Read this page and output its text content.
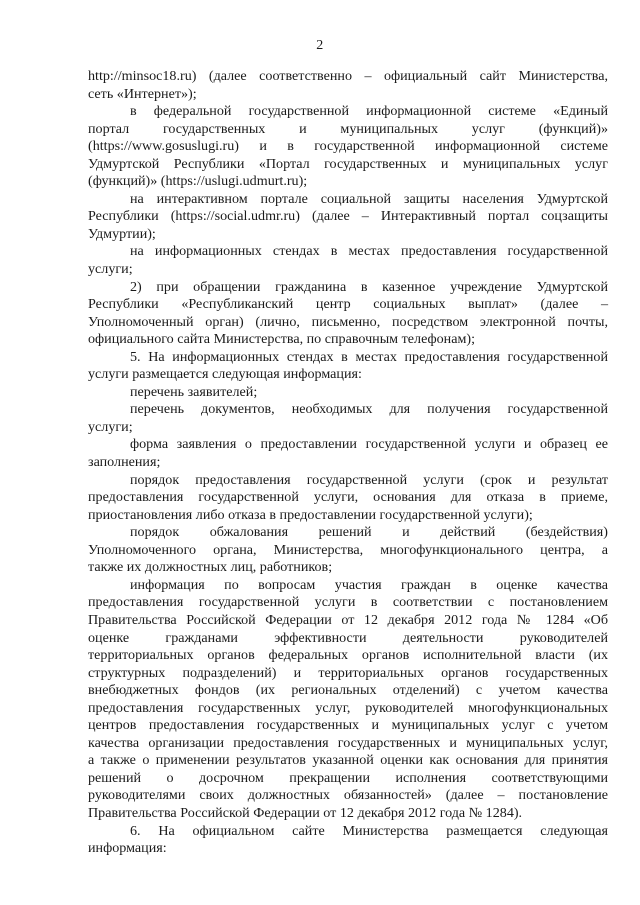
2
http://minsoc18.ru) (далее соответственно – официальный сайт Министерства,
сеть «Интернет»);
в федеральной государственной информационной системе «Единый
портал государственных и муниципальных услуг (функций)»
(https://www.gosuslugi.ru) и в государственной информационной системе
Удмуртской Республики «Портал государственных и муниципальных услуг
(функций)» (https://uslugi.udmurt.ru);
на интерактивном портале социальной защиты населения Удмуртской
Республики (https://social.udmr.ru) (далее – Интерактивный портал соцзащиты
Удмуртии);
на информационных стендах в местах предоставления государственной
услуги;
2) при обращении гражданина в казенное учреждение Удмуртской
Республики «Республиканский центр социальных выплат» (далее –
Уполномоченный орган) (лично, письменно, посредством электронной почты,
официального сайта Министерства, по справочным телефонам);
5. На информационных стендах в местах предоставления государственной
услуги размещается следующая информация:
перечень заявителей;
перечень документов, необходимых для получения государственной
услуги;
форма заявления о предоставлении государственной услуги и образец ее
заполнения;
порядок предоставления государственной услуги (срок и результат
предоставления государственной услуги, основания для отказа в приеме,
приостановления либо отказа в предоставлении государственной услуги);
порядок обжалования решений и действий (бездействия)
Уполномоченного органа, Министерства, многофункционального центра, а
также их должностных лиц, работников;
информация по вопросам участия граждан в оценке качества
предоставления государственной услуги в соответствии с постановлением
Правительства Российской Федерации от 12 декабря 2012 года № 1284 «Об
оценке гражданами эффективности деятельности руководителей
территориальных органов федеральных органов исполнительной власти (их
структурных подразделений) и территориальных органов государственных
внебюджетных фондов (их региональных отделений) с учетом качества
предоставления государственных услуг, руководителей многофункциональных
центров предоставления государственных и муниципальных услуг с учетом
качества организации предоставления государственных и муниципальных услуг,
а также о применении результатов указанной оценки как основания для принятия
решений о досрочном прекращении исполнения соответствующими
руководителями своих должностных обязанностей» (далее – постановление
Правительства Российской Федерации от 12 декабря 2012 года № 1284).
6. На официальном сайте Министерства размещается следующая
информация:
